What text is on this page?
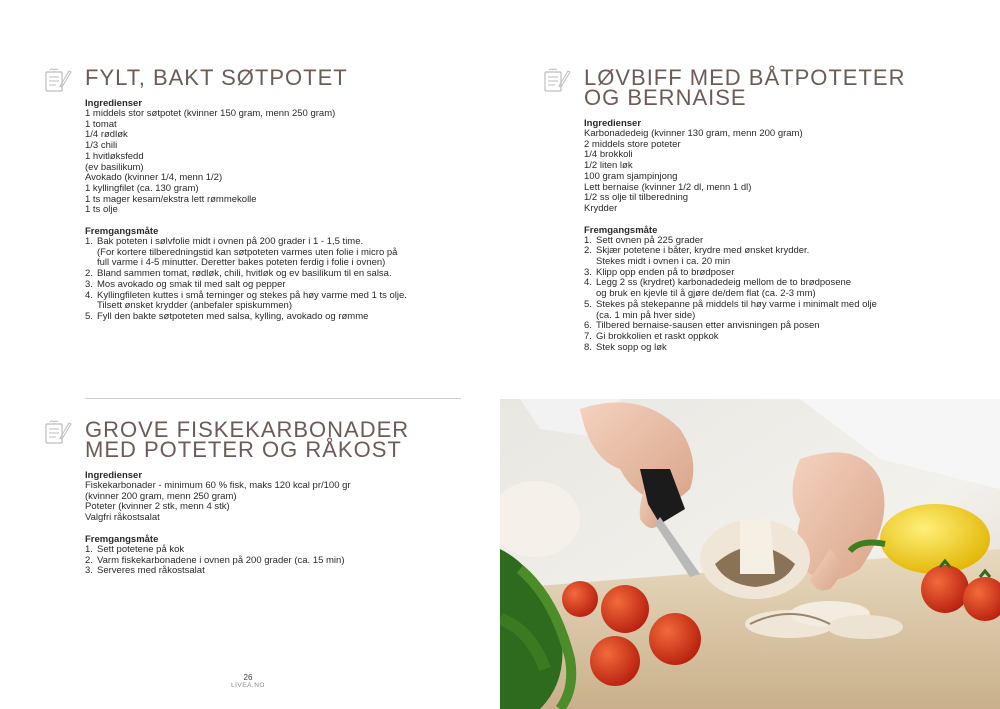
FYLT, BAKT SØTPOTET

Ingredienser

1 middels stor søtpotet (kvinner 150 gram, menn 250 gram)
1 tomat
1/4 rødløk
1/3 chili
1 hvitløksfedd
(ev basilikum)
Avokado (kvinner 1/4, menn 1/2)
1 kyllingfilet (ca. 130 gram)
1 ts mager kesam/ekstra lett rømmekolle
1 ts olje

Fremgangsmåte

1. Bak poteten i sølvfolie midt i ovnen på 200 grader i 1 - 1,5 time.
(For kortere tilberedningstid kan søtpoteten varmes uten folie i micro på
full varme i 4-5 minutter. Deretter bakes poteten ferdig i folie i ovnen)
2. Bland sammen tomat, rødløk, chili, hvitløk og ev basilikum til en salsa.
3. Mos avokado og smak til med salt og pepper
4. Kyllingfileten kuttes i små terninger og stekes på høy varme med 1 ts olje.
Tilsett ønsket krydder (anbefaler spiskummen)
5. Fyll den bakte søtpoteten med salsa, kylling, avokado og rømme
LØVBIFF MED BÅTPOTETER
OG BERNAISE

Ingredienser

Karbonadedeig (kvinner 130 gram, menn 200 gram)
2 middels store poteter
1/4 brokkoli
1/2 liten løk
100 gram sjampinjong
Lett bernaise (kvinner 1/2 dl, menn 1 dl)
1/2 ss olje til tilberedning
Krydder

Fremgangsmåte

1. Sett ovnen på 225 grader
2. Skjær potetene i båter, krydre med ønsket krydder.
Stekes midt i ovnen i ca. 20 min
3. Klipp opp enden på to brødposer
4. Legg 2 ss (krydret) karbonadedeig mellom de to brødposene
og bruk en kjevle til å gjøre de/dem flat (ca. 2-3 mm)
5. Stekes på stekepanne på middels til høy varme i minimalt med olje
(ca. 1 min på hver side)
6. Tilbered bernaise-sausen etter anvisningen på posen
7. Gi brokkolien et raskt oppkok
8. Stek sopp og løk
GROVE FISKEKARBONADER
MED POTETER OG RÅKOST

Ingredienser

Fiskekarbonader - minimum 60 % fisk, maks 120 kcal pr/100 gr
(kvinner 200 gram, menn 250 gram)
Poteter (kvinner 2 stk, menn 4 stk)
Valgfri råkostsalat

Fremgangsmåte

1. Sett potetene på kok
2. Varm fiskekarbonadene i ovnen på 200 grader (ca. 15 min)
3. Serveres med råkostsalat
26
LIVEA.NO
